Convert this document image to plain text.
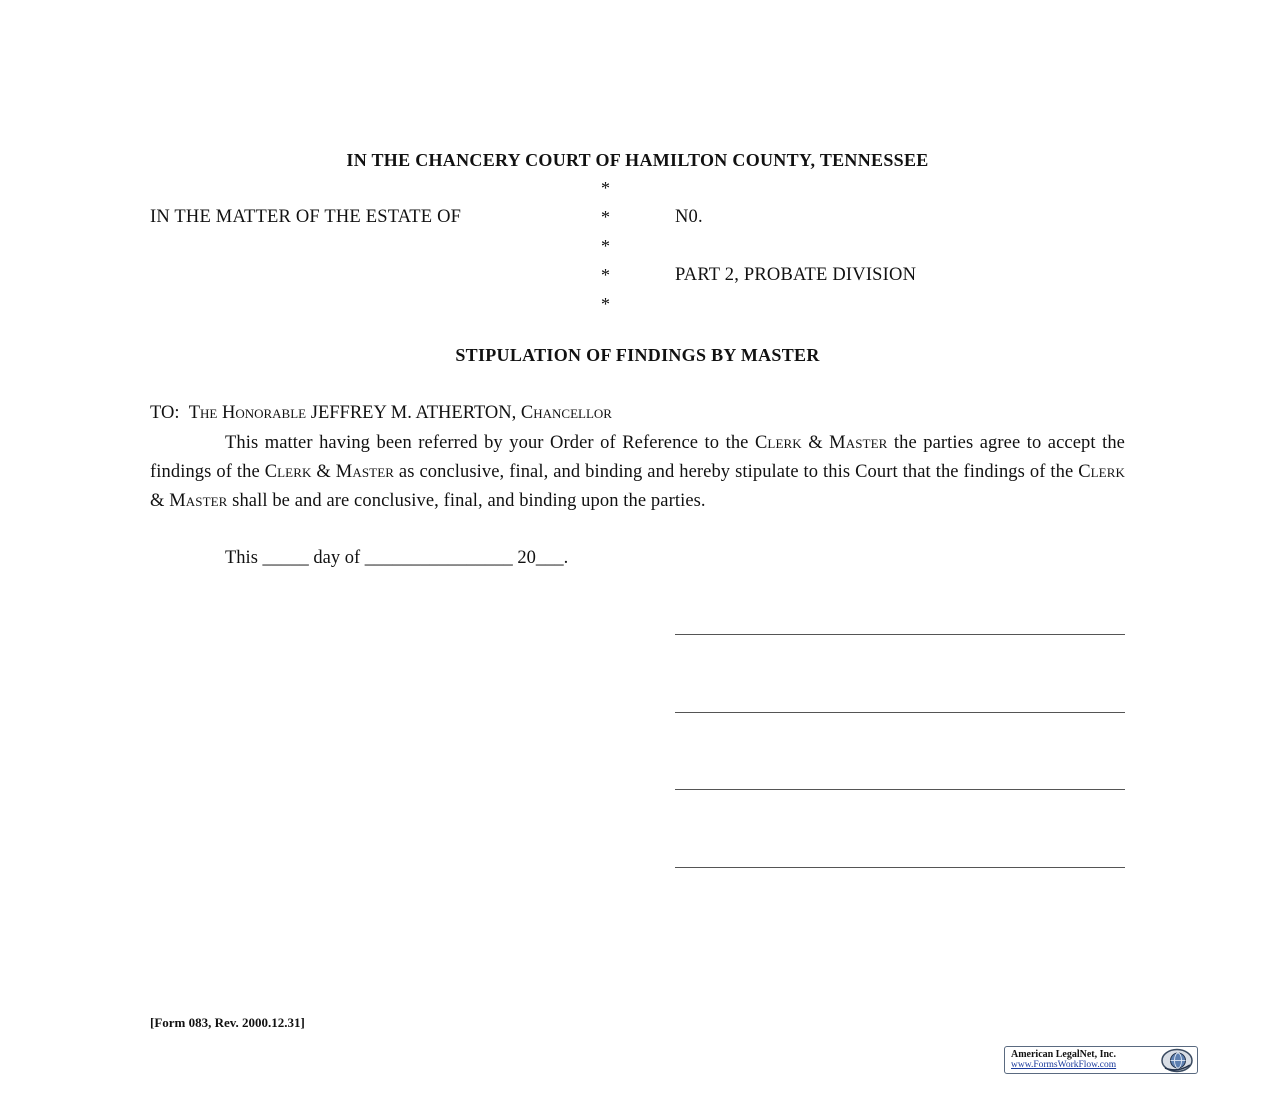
IN THE CHANCERY COURT OF HAMILTON COUNTY, TENNESSEE
IN THE MATTER OF THE ESTATE OF
*
*
*
*
*
N0.
PART 2, PROBATE DIVISION
STIPULATION OF FINDINGS BY MASTER
TO: The Honorable JEFFREY M. ATHERTON, Chancellor

This matter having been referred by your Order of Reference to the Clerk & Master the parties agree to accept the findings of the Clerk & Master as conclusive, final, and binding and hereby stipulate to this Court that the findings of the Clerk & Master shall be and are conclusive, final, and binding upon the parties.

This _____ day of ________________ 20___.
[Form 083, Rev. 2000.12.31]
American LegalNet, Inc.
www.FormsWorkFlow.com
